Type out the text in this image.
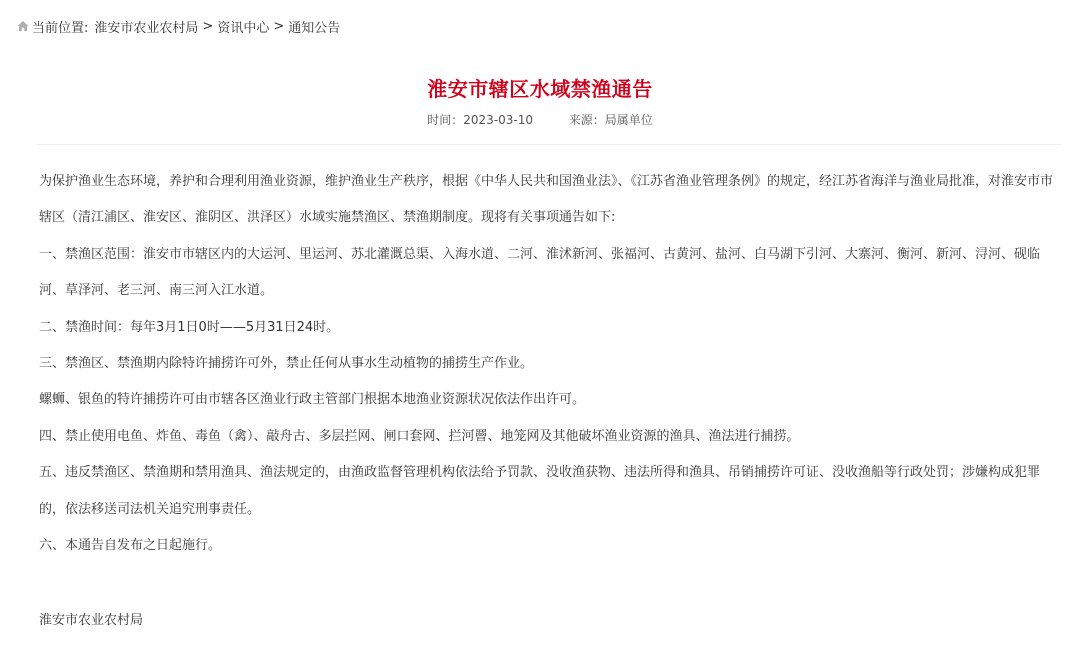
当前位置: 淮安市农业农村局 > 资讯中心 > 通知公告
淮安市辖区水域禁渔通告
时间：2023-03-10	来源：局属单位

为保护渔业生态环境，养护和合理利用渔业资源，维护渔业生产秩序，根据《中华人民共和国渔业法》、《江苏省渔业管理条例》的规定，经江苏省海洋与渔业局批准，对淮安市市辖区（清江浦区、淮安区、淮阴区、洪泽区）水域实施禁渔区、禁渔期制度。现将有关事项通告如下:

一、禁渔区范围：淮安市市辖区内的大运河、里运河、苏北灌溉总渠、入海水道、二河、淮沭新河、张福河、古黄河、盐河、白马湖下引河、大寨河、衡河、新河、浔河、砚临河、草泽河、老三河、南三河入江水道。

二、禁渔时间：每年3月1日0时——5月31日24时。

三、禁渔区、禁渔期内除特许捕捞许可外，禁止任何从事水生动植物的捕捞生产作业。

螺蛳、银鱼的特许捕捞许可由市辖各区渔业行政主管部门根据本地渔业资源状况依法作出许可。

四、禁止使用电鱼、炸鱼、毒鱼（禽）、敲舟古、多层拦网、闸口套网、拦河罾、地笼网及其他破坏渔业资源的渔具、渔法进行捕捞。

五、违反禁渔区、禁渔期和禁用渔具、渔法规定的，由渔政监督管理机构依法给予罚款、没收渔获物、违法所得和渔具、吊销捕捞许可证、没收渔船等行政处罚；涉嫌构成犯罪的，依法移送司法机关追究刑事责任。

六、本通告自发布之日起施行。

淮安市农业农村局
